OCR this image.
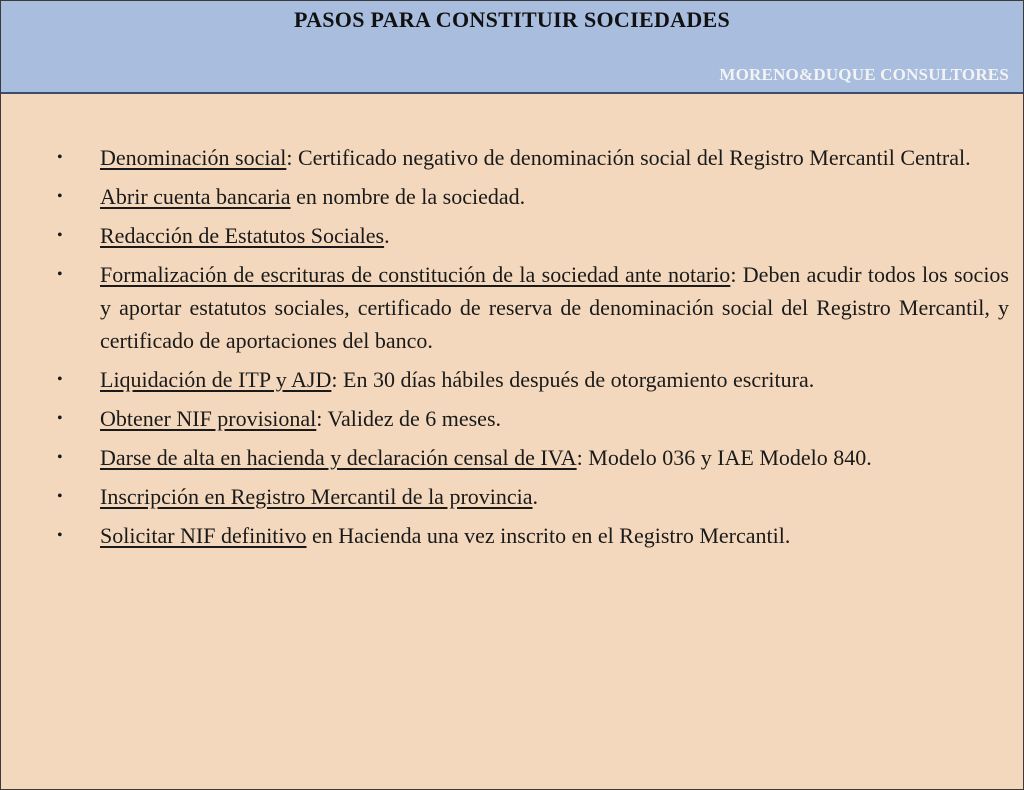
PASOS PARA CONSTITUIR SOCIEDADES
MORENO&DUQUE CONSULTORES
• Denominación social: Certificado negativo de denominación social del Registro Mercantil Central.
• Abrir cuenta bancaria en nombre de la sociedad.
• Redacción de Estatutos Sociales.
• Formalización de escrituras de constitución de la sociedad ante notario: Deben acudir todos los socios y aportar estatutos sociales, certificado de reserva de denominación social del Registro Mercantil, y certificado de aportaciones del banco.
• Liquidación de ITP y AJD: En 30 días hábiles después de otorgamiento escritura.
• Obtener NIF provisional: Validez de 6 meses.
• Darse de alta en hacienda y declaración censal de IVA: Modelo 036 y IAE Modelo 840.
• Inscripción en Registro Mercantil de la provincia.
• Solicitar NIF definitivo en Hacienda una vez inscrito en el Registro Mercantil.
